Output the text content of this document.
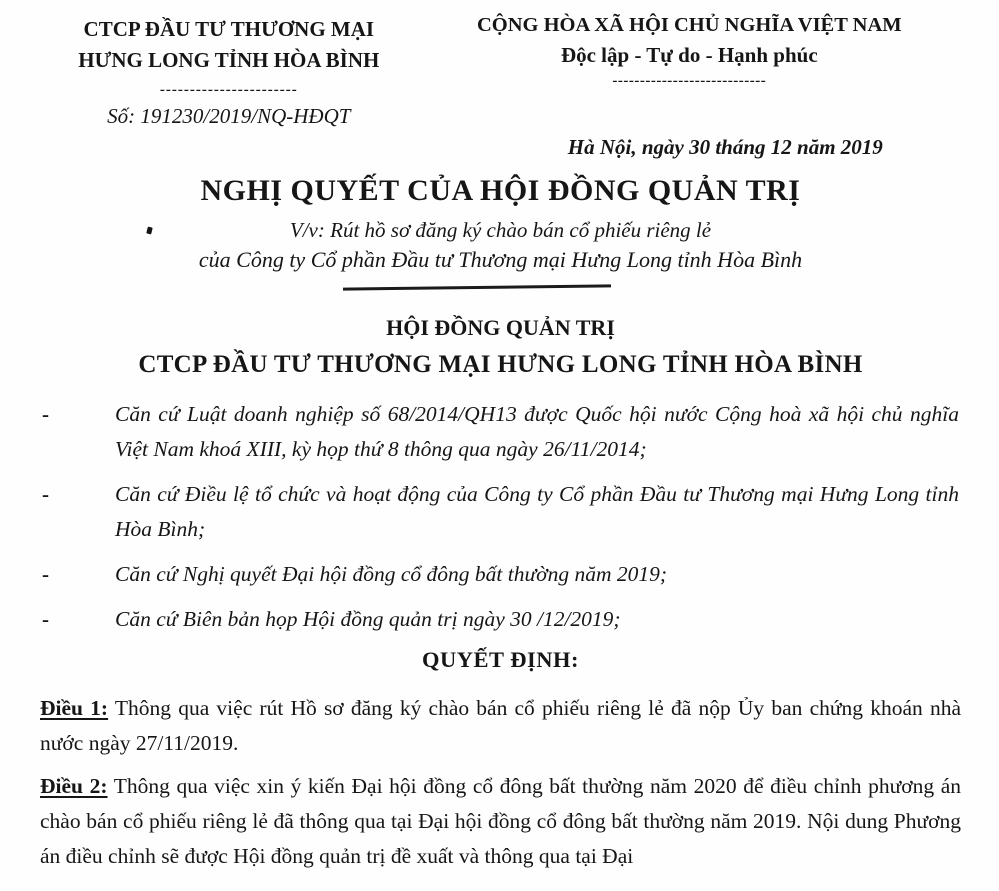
CTCP ĐẦU TƯ THƯƠNG MẠI
HƯNG LONG TỈNH HÒA BÌNH
-----------------------
Số: 191230/2019/NQ-HĐQT
CỘNG HÒA XÃ HỘI CHỦ NGHĨA VIỆT NAM
Độc lập - Tự do - Hạnh phúc
----------------------------
Hà Nội, ngày 30 tháng 12 năm 2019
NGHỊ QUYẾT CỦA HỘI ĐỒNG QUẢN TRỊ
V/v: Rút hồ sơ đăng ký chào bán cổ phiếu riêng lẻ
của Công ty Cổ phần Đầu tư Thương mại Hưng Long tỉnh Hòa Bình
HỘI ĐỒNG QUẢN TRỊ
CTCP ĐẦU TƯ THƯƠNG MẠI HƯNG LONG TỈNH HÒA BÌNH
-	Căn cứ Luật doanh nghiệp số 68/2014/QH13 được Quốc hội nước Cộng hoà xã hội chủ nghĩa Việt Nam khoá XIII, kỳ họp thứ 8 thông qua ngày 26/11/2014;
-	Căn cứ Điều lệ tổ chức và hoạt động của Công ty Cổ phần Đầu tư Thương mại Hưng Long tỉnh Hòa Bình;
-	Căn cứ Nghị quyết Đại hội đồng cổ đông bất thường năm 2019;
-	Căn cứ Biên bản họp Hội đồng quản trị ngày 30 /12/2019;
QUYẾT ĐỊNH:

Điều 1: Thông qua việc rút Hồ sơ đăng ký chào bán cổ phiếu riêng lẻ đã nộp Ủy ban chứng khoán nhà nước ngày 27/11/2019.

Điều 2: Thông qua việc xin ý kiến Đại hội đồng cổ đông bất thường năm 2020 để điều chỉnh phương án chào bán cổ phiếu riêng lẻ đã thông qua tại Đại hội đồng cổ đông bất thường năm 2019. Nội dung Phương án điều chỉnh sẽ được Hội đồng quản trị đề xuất và thông qua tại Đại
